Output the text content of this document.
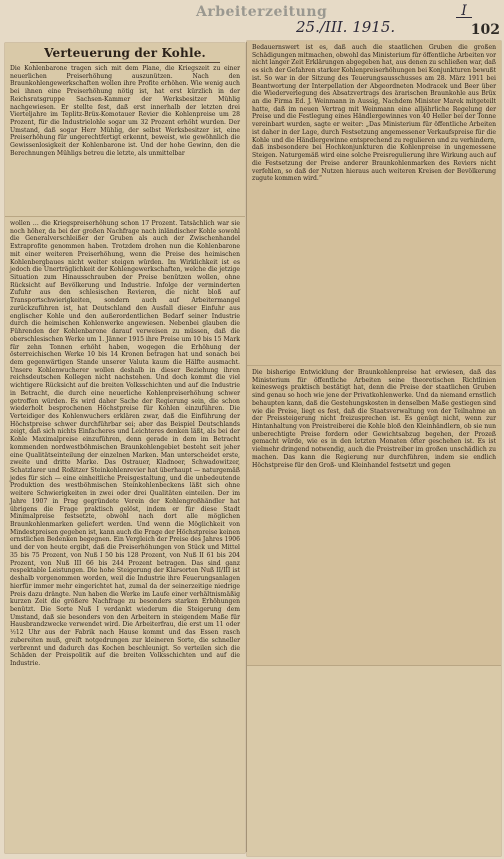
Arbeiterzeitung
25./III. 1915.
I
102
Verteuerung der Kohle.
Die Kohlenbarone tragen sich mit dem Plane, die Kriegszeit zu einer neuerlichen Preiserhöhung auszunützen. Nach den Braunkohlengewerkschaften wollen ihre Profite erhöhen. Wie wenig auch bei ihnen eine Preiserhöhung nötig ist, hat erst kürzlich in der Reichsratsgruppe Sachsen-Kammer der Werksbesitzer Mühlig nachgewiesen. Er stellte fest, daß erst innerhalb der letzten drei Vierteljahre im Teplitz-Brüx-Komotauer Revier die Kohlenpreise um 28 Prozent, für die Industrielohle sogar um 32 Prozent erhöht wurden. Der Umstand, daß sogar Herr Mühlig, der selbst Werksbesitzer ist, eine Preiserhöhung für ungerechtfertigt erkennt, beweist, wie gewöhnlich die Gewissenlosigkeit der Kohlenbarone ist. Und der hohe Gewinn, den die Berechnungen Mühligs betreu die letzte, als unmittelbar
wollen … die Kriegspreiserhöhung schon 17 Prozent. Tatsächlich war sie noch höher, da bei der großen Nachfrage nach inländischer Kohle sowohl die Generalverschleißer der Gruben als auch der Zwischenhandel Extraprofite genommen haben. Trotzdem drohen nun die Kohlenbarone mit einer weiteren Preiserhöhung, wenn die Preise des heimischen Kohlenbergbaues nicht weiter steigen würden. Im Wirklichkeit ist es jedoch die Unerträglichkeit der Kohlengewerkschaften, welche die jetzige Situation zum Hinausschrauben der Preise benützen wollen, ohne Rücksicht auf Bevölkerung und Industrie. Infolge der verminderten Zufuhr aus den schlesischen Revieren, die nicht bloß auf Transportschwierigkeiten, sondern auch auf Arbeitermangel zurückzuführen ist, hat Deutschland den Ausfall dieser Einfuhr aus englischer Kohle und den außerordentlichen Bedarf seiner Industrie durch die heimischen Kohlenwerke angewiesen. Nebenbei glauben die Führenden der Kohlenbarone darauf verweisen zu müssen, daß die oberschlesischen Werke um 1. Jänner 1915 ihre Preise um 10 bis 15 Mark für zehn Tonnen erhöht haben, wogegen die Erhöhung der österreichischen Werke 10 bis 14 Kronen betragen hat und sonach bei dem gegenwärtigen Stande unserer Valuta kaum die Hälfte ausmacht. Unsere Kohlenwucherer wollen deshalb in dieser Beziehung ihren reichsdeutschen Kollegen nicht nachstehen. Und doch kommt die viel wichtigere Rücksicht auf die breiten Volksschichten und auf die Industrie in Betracht, die durch eine neuerliche Kohlenpreiserhöhung schwer getroffen würden. Es wird daher Sache der Regierung sein, die schon wiederholt besprochenen Höchstpreise für Kohlen einzuführen. Die Verteidiger des Kohlenwuchers erklären zwar, daß die Einführung der Höchstpreise schwer durchführbar sei; aber das Beispiel Deutschlands zeigt, daß sich nichts Einfacheres und Leichteres denken läßt, als bei der Kohle Maximalpreise einzuführen, denn gerade in dem im Betracht kommenden nordwestböhmischen Braunkohlengebiet besteht seit jeher eine Qualitätseinteilung der einzelnen Marken. Man unterscheidet erste, zweite und dritte Marke. Das Ostrauer, Kladnoer, Schwadowitzer, Schatzlarer und Roßitzer Steinkohlenrevier hat überhaupt — naturgemäß jedes für sich — eine einheitliche Preisgestaltung, und die unbedeutende Produktion des westböhmischen Steinkohlenbeckens läßt sich ohne weitere Schwierigkeiten in zwei oder drei Qualitäten einteilen. Der im Jahre 1907 in Prag gegründete Verein der Kohlengroßhändler hat übrigens die Frage praktisch gelöst, indem er für diese Stadt Minimalpreise festsetzte, obwohl nach dort alle möglichen Braunkohlenmarken geliefert werden. Und wenn die Möglichkeit von Mindestpreisen gegeben ist, kann auch die Frage der Höchstpreise keinen ernstlichen Bedenken begegnen. Ein Vergleich der Preise des Jahres 1906 und der von heute ergibt, daß die Preiserhöhungen von Stück und Mittel 35 bis 75 Prozent, von Nuß I 50 bis 128 Prozent, von Nuß II 61 bis 204 Prozent, von Nuß III 66 bis 244 Prozent betragen. Das sind ganz respektable Leistungen. Die hohe Steigerung der Klarsorten Nuß II/III ist deshalb vorgenommen worden, weil die Industrie ihre Feuerungsanlagen hierfür immer mehr eingerichtet hat, zumal da der seinerzeitige niedrige Preis dazu drängte. Nun haben die Werke im Laufe einer verhältnismäßig kurzen Zeit die größere Nachfrage zu besonders starken Erhöhungen benützt. Die Sorte Nuß I verdankt wiederum die Steigerung dem Umstand, daß sie besonders von den Arbeitern in steigendem Maße für Hausbrandzwecke verwendet wird. Die Arbeiterfrau, die erst um 11 oder ½12 Uhr aus der Fabrik nach Hause kommt und das Essen rasch zubereiten muß, greift notgedrungen zur kleineren Sorte, die schneller verbrennt und dadurch das Kochen beschleunigt. So verteilen sich die Schäden der Preispolitik auf die breiten Volksschichten und auf die Industrie.
Bedauernswert ist es, daß auch die staatlichen Gruben die großen Schädigungen mitmachen, obwohl das Ministerium für öffentliche Arbeiten vor nicht langer Zeit Erklärungen abgegeben hat, aus denen zu schließen war, daß es sich der Gefahren starker Kohlenpreiserhöhungen bei Konjunkturen bewußt ist. So war in der Sitzung des Teuerungsausschusses am 28. März 1911 bei Beantwortung der Interpellation der Abgeordneten Modracek und Beer über die Wiederverlegung des Absatzvertrags des ärarischen Braunkohle aus Brüx an die Firma Ed. J. Weinmann in Aussig, Nachdem Minister Marek mitgeteilt hatte, daß im neuen Vertrag mit Weinmann eine alljährliche Regelung der Preise und die Festlegung eines Händlergewinnes von 40 Heller bei der Tonne vereinbart wurden, sagte er weiter: „Das Ministerium für öffentliche Arbeiten ist daher in der Lage, durch Festsetzung angemessener Verkaufspreise für die Kohle und die Händlergewinne entsprechend zu regulieren und zu verhindern, daß insbesondere bei Hochkonjunkturen die Kohlenpreise in ungemessene Steigen. Naturgemäß wird eine solche Preisregulierung ihre Wirkung auch auf die Festsetzung der Preise anderer Braunkohlenmarken des Reviers nicht verfehlen, so daß der Nutzen hieraus auch weiteren Kreisen der Bevölkerung zugute kommen wird.“
Die bisherige Entwicklung der Braunkohlenpreise hat erwiesen, daß das Ministerium für öffentliche Arbeiten seine theoretischen Richtlinien keineswegs praktisch bestätigt hat, denn die Preise der staatlichen Gruben sind genau so hoch wie jene der Privatkohlenwerke. Und da niemand ernstlich behaupten kann, daß die Gestehungskosten in denselben Maße gestiegen sind wie die Preise, liegt es fest, daß die Staatsverwaltung von der Teilnahme an der Preissteigerung nicht freizusprechen ist. Es genügt nicht, wenn zur Hintanhaltung von Preistreiberei die Kohle bloß den Kleinhändlern, ob sie nun unberechtigte Preise fordern oder Gewichtsabzug begehen, der Prozeß gemacht würde, wie es in den letzten Monaten öfter geschehen ist. Es ist vielmehr dringend notwendig, auch die Preistreiber im großen unschädlich zu machen. Das kann die Regierung nur durchführen, indem sie endlich Höchstpreise für den Groß- und Kleinhandel festsetzt und gegen
